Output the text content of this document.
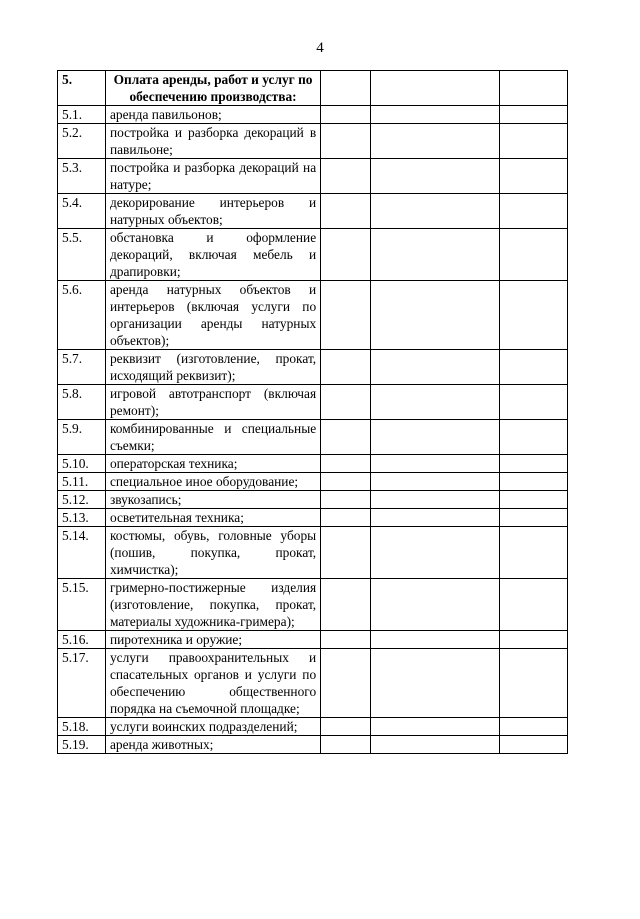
4
5.	Оплата аренды, работ и услуг по обеспечению производства:			
5.1.	аренда павильонов;			
5.2.	постройка и разборка декораций в павильоне;			
5.3.	постройка и разборка декораций на натуре;			
5.4.	декорирование интерьеров и натурных объектов;			
5.5.	обстановка и оформление декораций, включая мебель и драпировки;			
5.6.	аренда натурных объектов и интерьеров (включая услуги по организации аренды натурных объектов);			
5.7.	реквизит (изготовление, прокат, исходящий реквизит);			
5.8.	игровой автотранспорт (включая ремонт);			
5.9.	комбинированные и специальные съемки;			
5.10.	операторская техника;			
5.11.	специальное иное оборудование;			
5.12.	звукозапись;			
5.13.	осветительная техника;			
5.14.	костюмы, обувь, головные уборы (пошив, покупка, прокат, химчистка);			
5.15.	гримерно-постижерные изделия (изготовление, покупка, прокат, материалы художника-гримера);			
5.16.	пиротехника и оружие;			
5.17.	услуги правоохранительных и спасательных органов и услуги по обеспечению общественного порядка на съемочной площадке;			
5.18.	услуги воинских подразделений;			
5.19.	аренда животных;			
